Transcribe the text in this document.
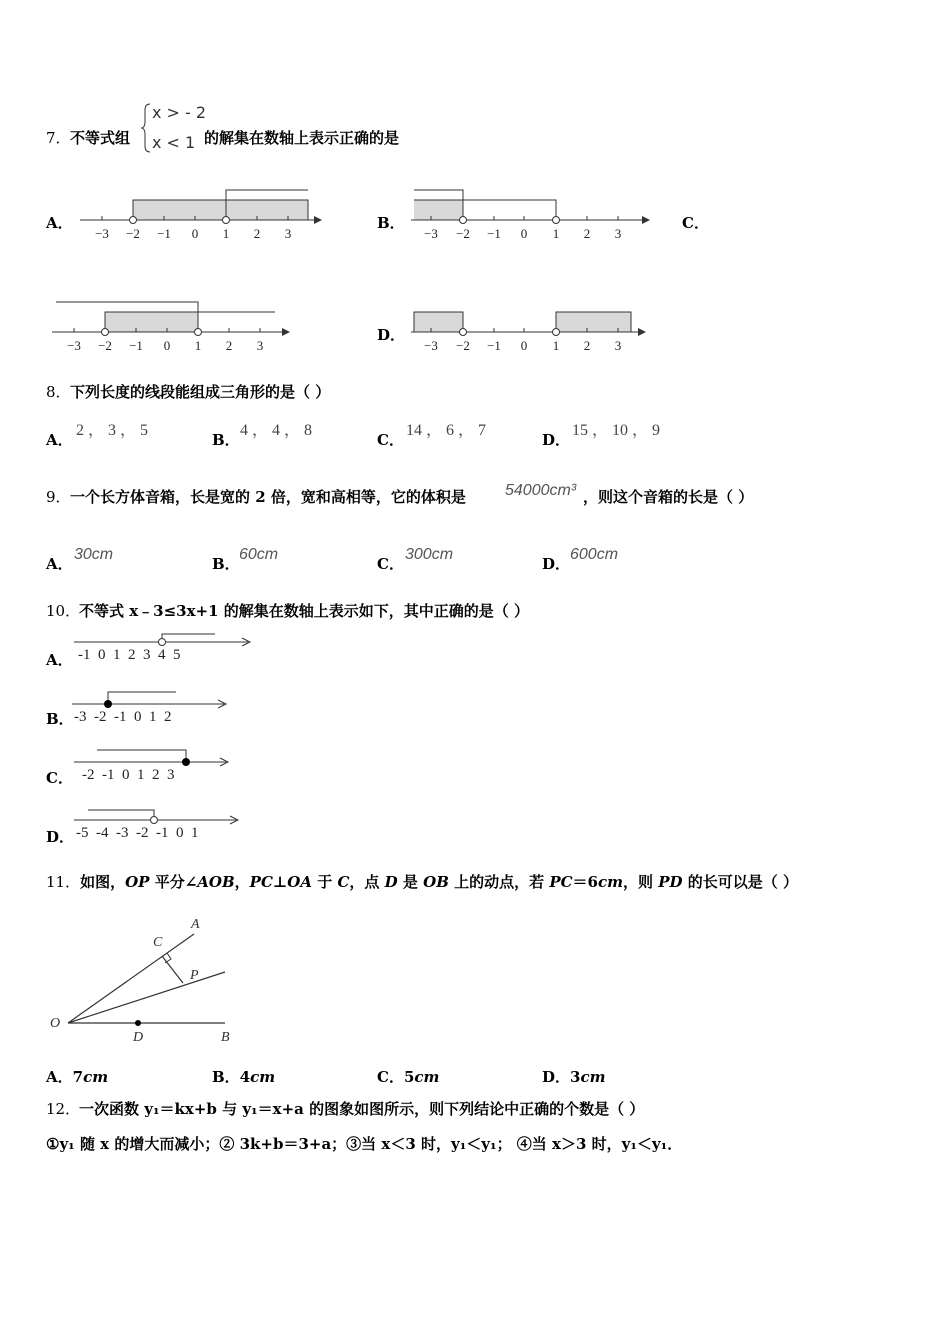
7． 不等式组
x > - 2
x < 1 的解集在数轴上表示正确的是
A．	B．	C．
D．
−3 −2 −1 0 1 2 3	−3 −2 −1 0 1 2 3
−3 −2 −1 0 1 2 3	−3 −2 −1 0 1 2 3
8． 下列长度的线段能组成三角形的是（ ）
A．
2 ， 3 ， 5
B．
4 ， 4 ， 8
C．
14 ， 6 ， 7
D．
15 ， 10 ， 9
9． 一个长方体音箱，长是宽的 2 倍，宽和高相等，它的体积是 54000cm³ ，则这个音箱的长是（ ）
A．
30cm
B．
60cm
C．
300cm
D．
600cm
10．
不等式 x﹣3≤3x+1 的解集在数轴上表示如下，其中正确的是（ ）
A． -1  0  1  2  3  4  5
B． -3  -2  -1  0  1  2
C． -2  -1  0  1  2  3
D． -5  -4  -3  -2  -1  0  1
11．如图，OP 平分∠AOB，PC⊥OA 于 C，点 D 是 OB 上的动点，若 PC＝6cm，则 PD 的长可以是（ ）
A
C
P
O
D	B
A．7cm	B．4cm	C．5cm	D．3cm
12．
一次函数 y₁＝kx+b 与 y₁＝x+a 的图象如图所示，则下列结论中正确的个数是（ ）
①y₁ 随 x 的增大而减小；② 3k+b＝3+a；③当 x＜3 时，y₁＜y₁； ④当 x＞3 时，y₁＜y₁．
